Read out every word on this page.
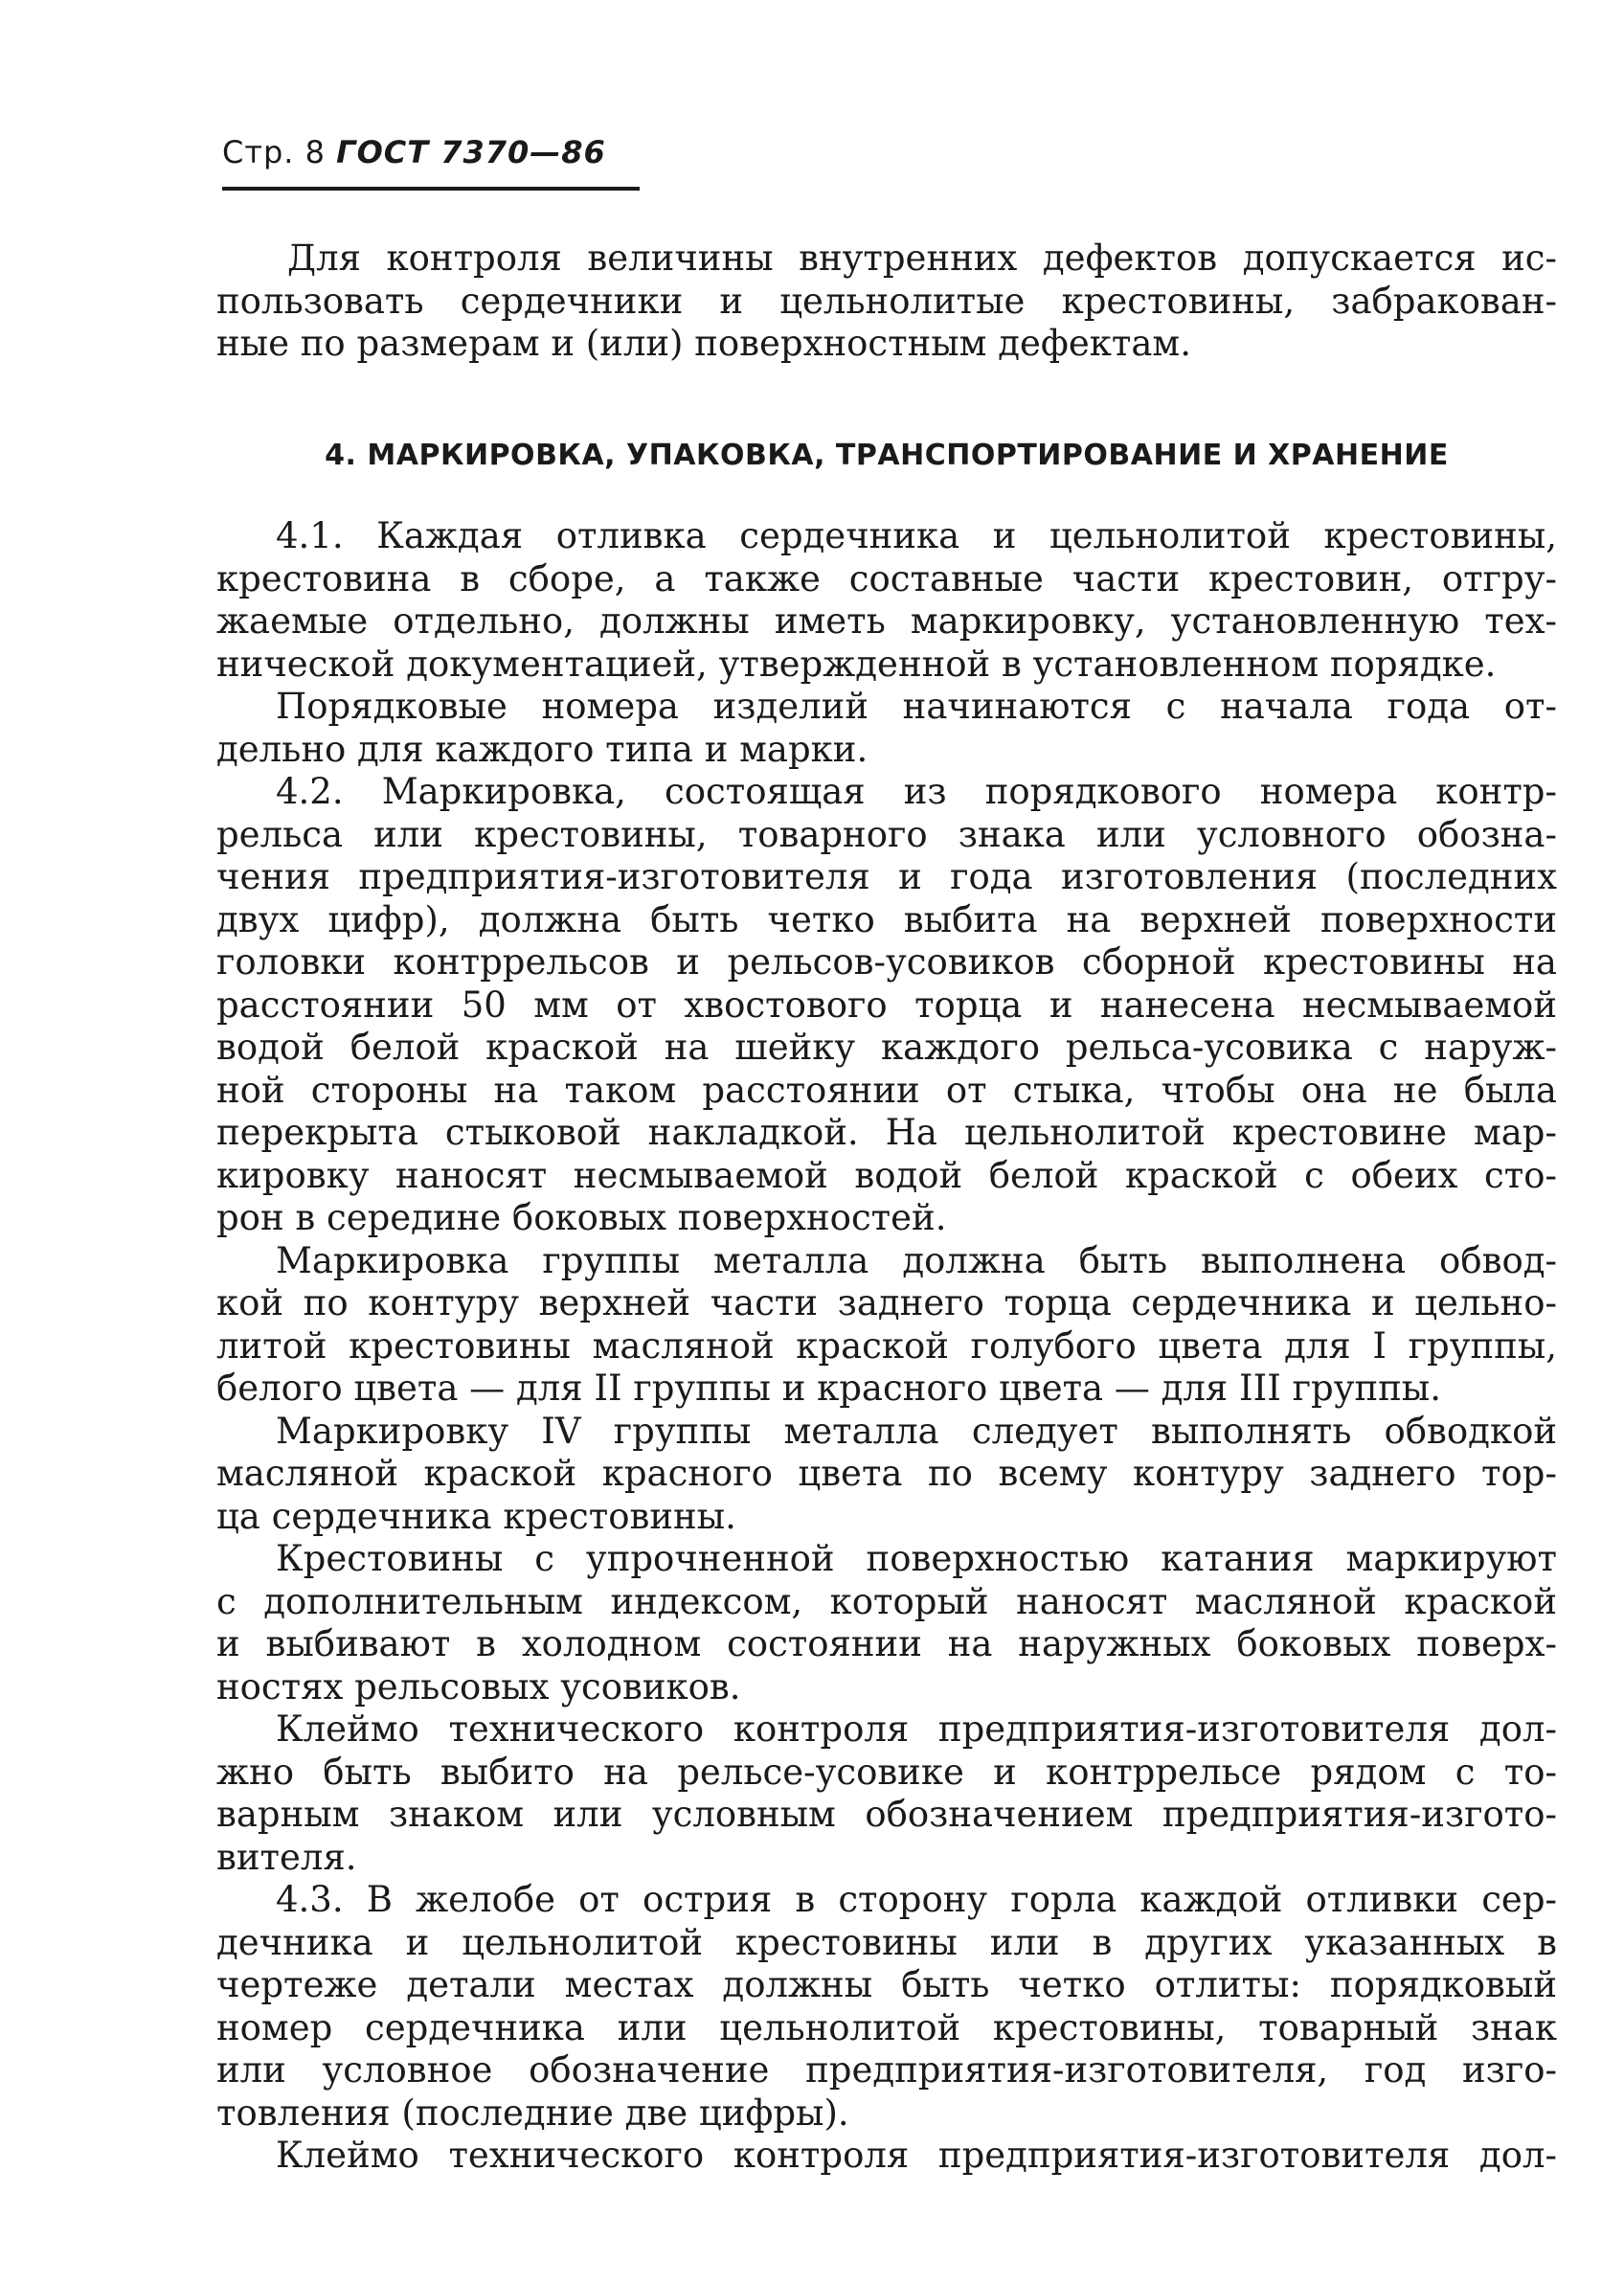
Стр. 8 ГОСТ 7370—86
Для контроля величины внутренних дефектов допускается ис-
пользовать сердечники и цельнолитые крестовины, забракован-
ные по размерам и (или) поверхностным дефектам.
4. МАРКИРОВКА, УПАКОВКА, ТРАНСПОРТИРОВАНИЕ И ХРАНЕНИЕ
4.1. Каждая отливка сердечника и цельнолитой крестовины,
крестовина в сборе, а также составные части крестовин, отгру-
жаемые отдельно, должны иметь маркировку, установленную тех-
нической документацией, утвержденной в установленном порядке.
Порядковые номера изделий начинаются с начала года от-
дельно для каждого типа и марки.
4.2. Маркировка, состоящая из порядкового номера контр-
рельса или крестовины, товарного знака или условного обозна-
чения предприятия-изготовителя и года изготовления (последних
двух цифр), должна быть четко выбита на верхней поверхности
головки контррельсов и рельсов-усовиков сборной крестовины на
расстоянии 50 мм от хвостового торца и нанесена несмываемой
водой белой краской на шейку каждого рельса-усовика с наруж-
ной стороны на таком расстоянии от стыка, чтобы она не была
перекрыта стыковой накладкой. На цельнолитой крестовине мар-
кировку наносят несмываемой водой белой краской с обеих сто-
рон в середине боковых поверхностей.
Маркировка группы металла должна быть выполнена обвод-
кой по контуру верхней части заднего торца сердечника и цельно-
литой крестовины масляной краской голубого цвета для I группы,
белого цвета — для II группы и красного цвета — для III группы.
Маркировку IV группы металла следует выполнять обводкой
масляной краской красного цвета по всему контуру заднего тор-
ца сердечника крестовины.
Крестовины с упрочненной поверхностью катания маркируют
с дополнительным индексом, который наносят масляной краской
и выбивают в холодном состоянии на наружных боковых поверх-
ностях рельсовых усовиков.
Клеймо технического контроля предприятия-изготовителя дол-
жно быть выбито на рельсе-усовике и контррельсе рядом с то-
варным знаком или условным обозначением предприятия-изгото-
вителя.
4.3. В желобе от острия в сторону горла каждой отливки сер-
дечника и цельнолитой крестовины или в других указанных в
чертеже детали местах должны быть четко отлиты: порядковый
номер сердечника или цельнолитой крестовины, товарный знак
или условное обозначение предприятия-изготовителя, год изго-
товления (последние две цифры).
Клеймо технического контроля предприятия-изготовителя дол-
